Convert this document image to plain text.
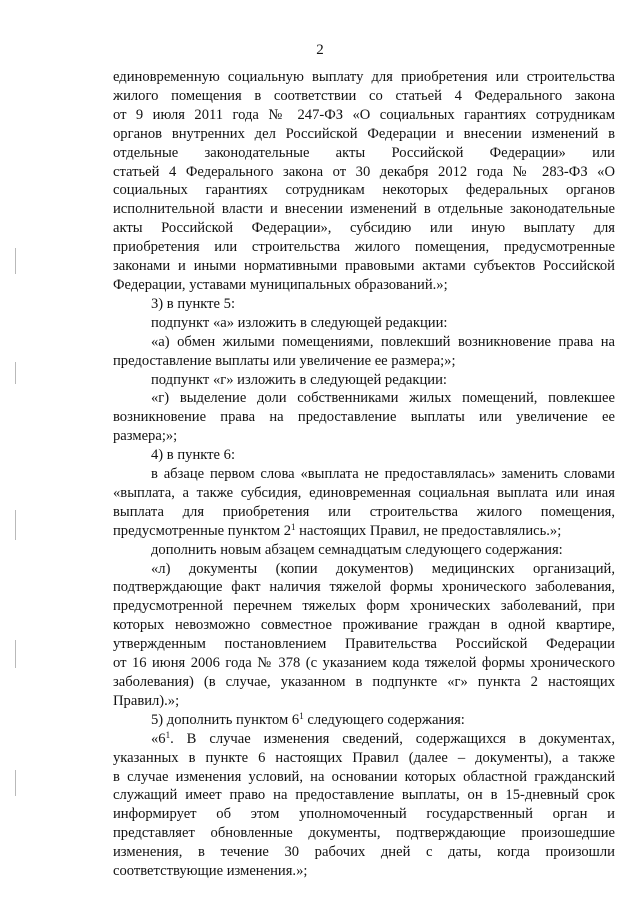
2

единовременную социальную выплату для приобретения или строительства

жилого помещения в соответствии со статьей 4 Федерального закона

от 9 июля 2011 года № 247-ФЗ «О социальных гарантиях сотрудникам

органов внутренних дел Российской Федерации и внесении изменений в

отдельные законодательные акты Российской Федерации» или

статьей 4 Федерального закона от 30 декабря 2012 года № 283-ФЗ «О

социальных гарантиях сотрудникам некоторых федеральных органов

исполнительной власти и внесении изменений в отдельные законодательные

акты Российской Федерации», субсидию или иную выплату для

приобретения или строительства жилого помещения, предусмотренные

законами и иными нормативными правовыми актами субъектов Российской

Федерации, уставами муниципальных образований.»;

3) в пункте 5:

подпункт «а» изложить в следующей редакции:

«а) обмен жилыми помещениями, повлекший возникновение права на

предоставление выплаты или увеличение ее размера;»;

подпункт «г» изложить в следующей редакции:

«г) выделение доли собственниками жилых помещений, повлекшее

возникновение права на предоставление выплаты или увеличение ее

размера;»;

4) в пункте 6:

в абзаце первом слова «выплата не предоставлялась» заменить словами

«выплата, а также субсидия, единовременная социальная выплата или иная

выплата для приобретения или строительства жилого помещения,

предусмотренные пунктом $2^1$ настоящих Правил, не предоставлялись.»;

дополнить новым абзацем семнадцатым следующего содержания:

«л) документы (копии документов) медицинских организаций,

подтверждающие факт наличия тяжелой формы хронического заболевания,

предусмотренной перечнем тяжелых форм хронических заболеваний, при

которых невозможно совместное проживание граждан в одной квартире,

утвержденным постановлением Правительства Российской Федерации

от 16 июня 2006 года № 378 (с указанием кода тяжелой формы хронического

заболевания) (в случае, указанном в подпункте «г» пункта 2 настоящих

Правил).»;

5) дополнить пунктом $6^1$ следующего содержания:

«$6^1$. В случае изменения сведений, содержащихся в документах,

указанных в пункте 6 настоящих Правил (далее – документы), а также

в случае изменения условий, на основании которых областной гражданский

служащий имеет право на предоставление выплаты, он в 15-дневный срок

информирует об этом уполномоченный государственный орган и

представляет обновленные документы, подтверждающие произошедшие

изменения, в течение 30 рабочих дней с даты, когда произошли

соответствующие изменения.»;
